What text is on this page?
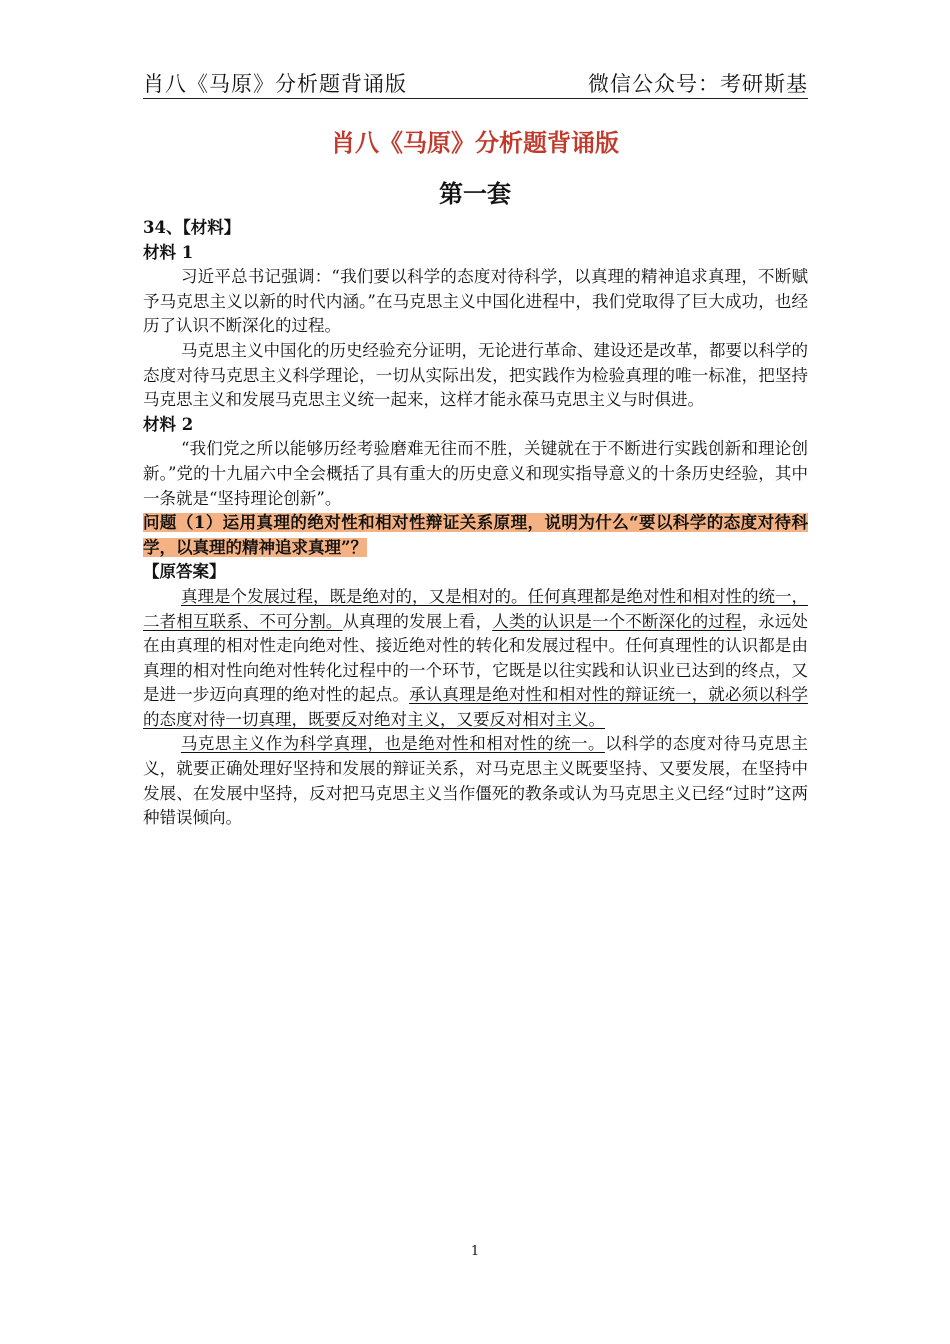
肖八《马原》分析题背诵版	微信公众号：考研斯基
肖八《马原》分析题背诵版
第一套

34、【材料】

材料 1

习近平总书记强调：“我们要以科学的态度对待科学，以真理的精神追求真理，不断赋予马克思主义以新的时代内涵。”在马克思主义中国化进程中，我们党取得了巨大成功，也经历了认识不断深化的过程。

马克思主义中国化的历史经验充分证明，无论进行革命、建设还是改革，都要以科学的态度对待马克思主义科学理论，一切从实际出发，把实践作为检验真理的唯一标准，把坚持马克思主义和发展马克思主义统一起来，这样才能永葆马克思主义与时俱进。

材料 2

“我们党之所以能够历经考验磨难无往而不胜，关键就在于不断进行实践创新和理论创新。”党的十九届六中全会概括了具有重大的历史意义和现实指导意义的十条历史经验，其中一条就是“坚持理论创新”。

问题（1）运用真理的绝对性和相对性辩证关系原理，说明为什么“要以科学的态度对待科学，以真理的精神追求真理”？

【原答案】

真理是个发展过程，既是绝对的，又是相对的。任何真理都是绝对性和相对性的统一，二者相互联系、不可分割。从真理的发展上看，人类的认识是一个不断深化的过程，永远处在由真理的相对性走向绝对性、接近绝对性的转化和发展过程中。任何真理性的认识都是由真理的相对性向绝对性转化过程中的一个环节，它既是以往实践和认识业已达到的终点，又是进一步迈向真理的绝对性的起点。承认真理是绝对性和相对性的辩证统一，就必须以科学的态度对待一切真理，既要反对绝对主义，又要反对相对主义。

马克思主义作为科学真理，也是绝对性和相对性的统一。以科学的态度对待马克思主义，就要正确处理好坚持和发展的辩证关系，对马克思主义既要坚持、又要发展，在坚持中发展、在发展中坚持，反对把马克思主义当作僵死的教条或认为马克思主义已经“过时”这两种错误倾向。

1
